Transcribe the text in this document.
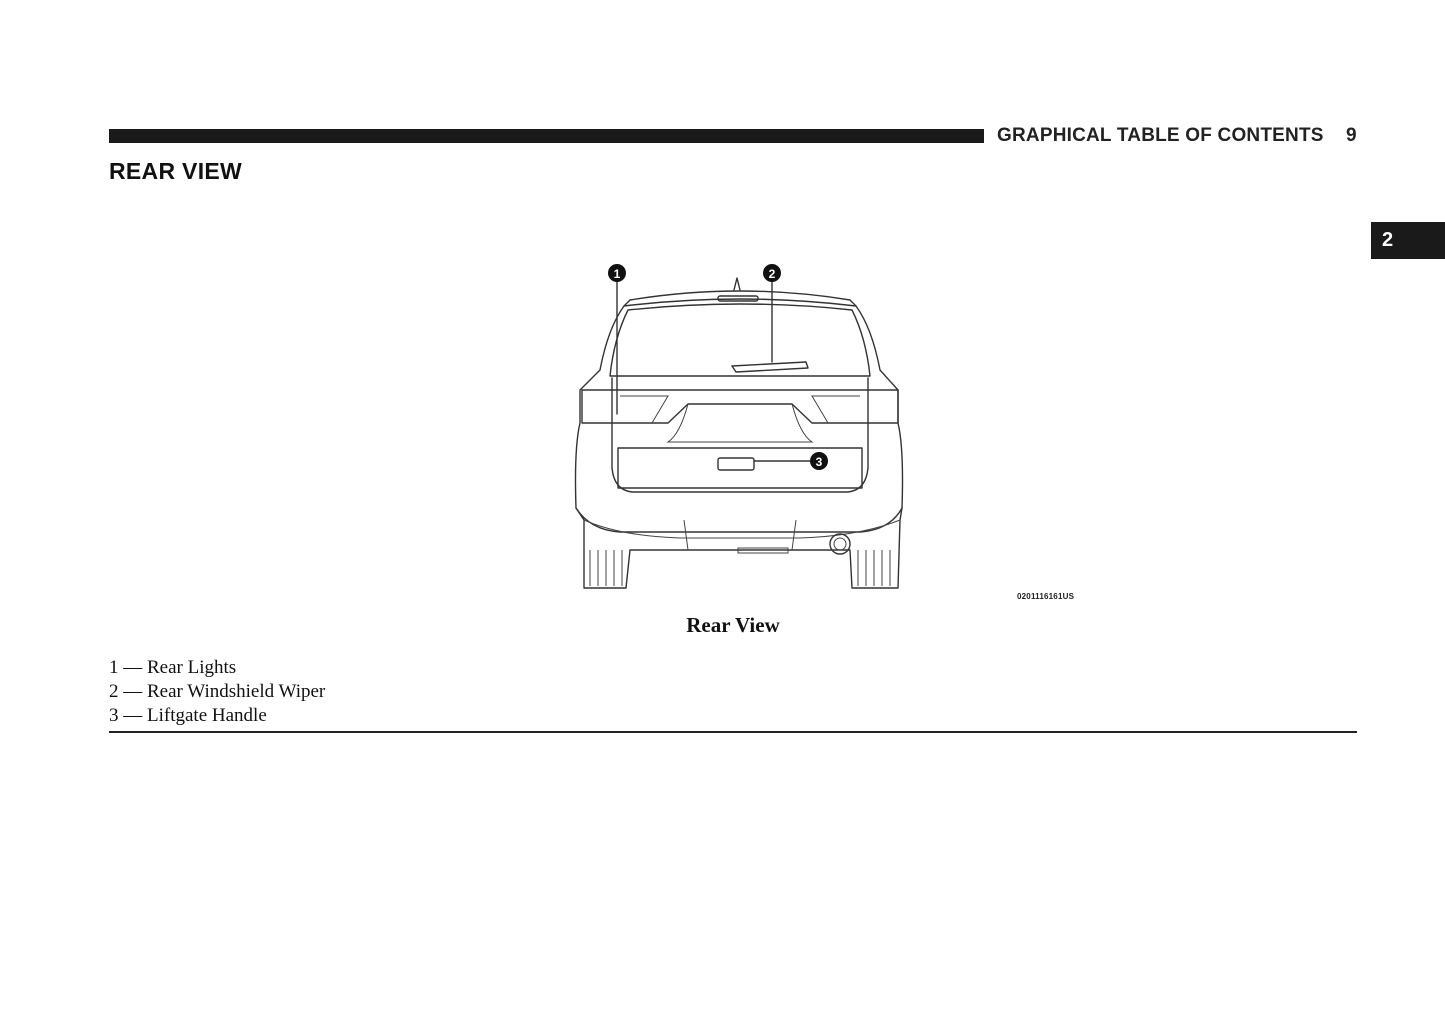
GRAPHICAL TABLE OF CONTENTS 9
REAR VIEW
2
1	2
3
0201116161US
Rear View
1 — Rear Lights
2 — Rear Windshield Wiper
3 — Liftgate Handle
